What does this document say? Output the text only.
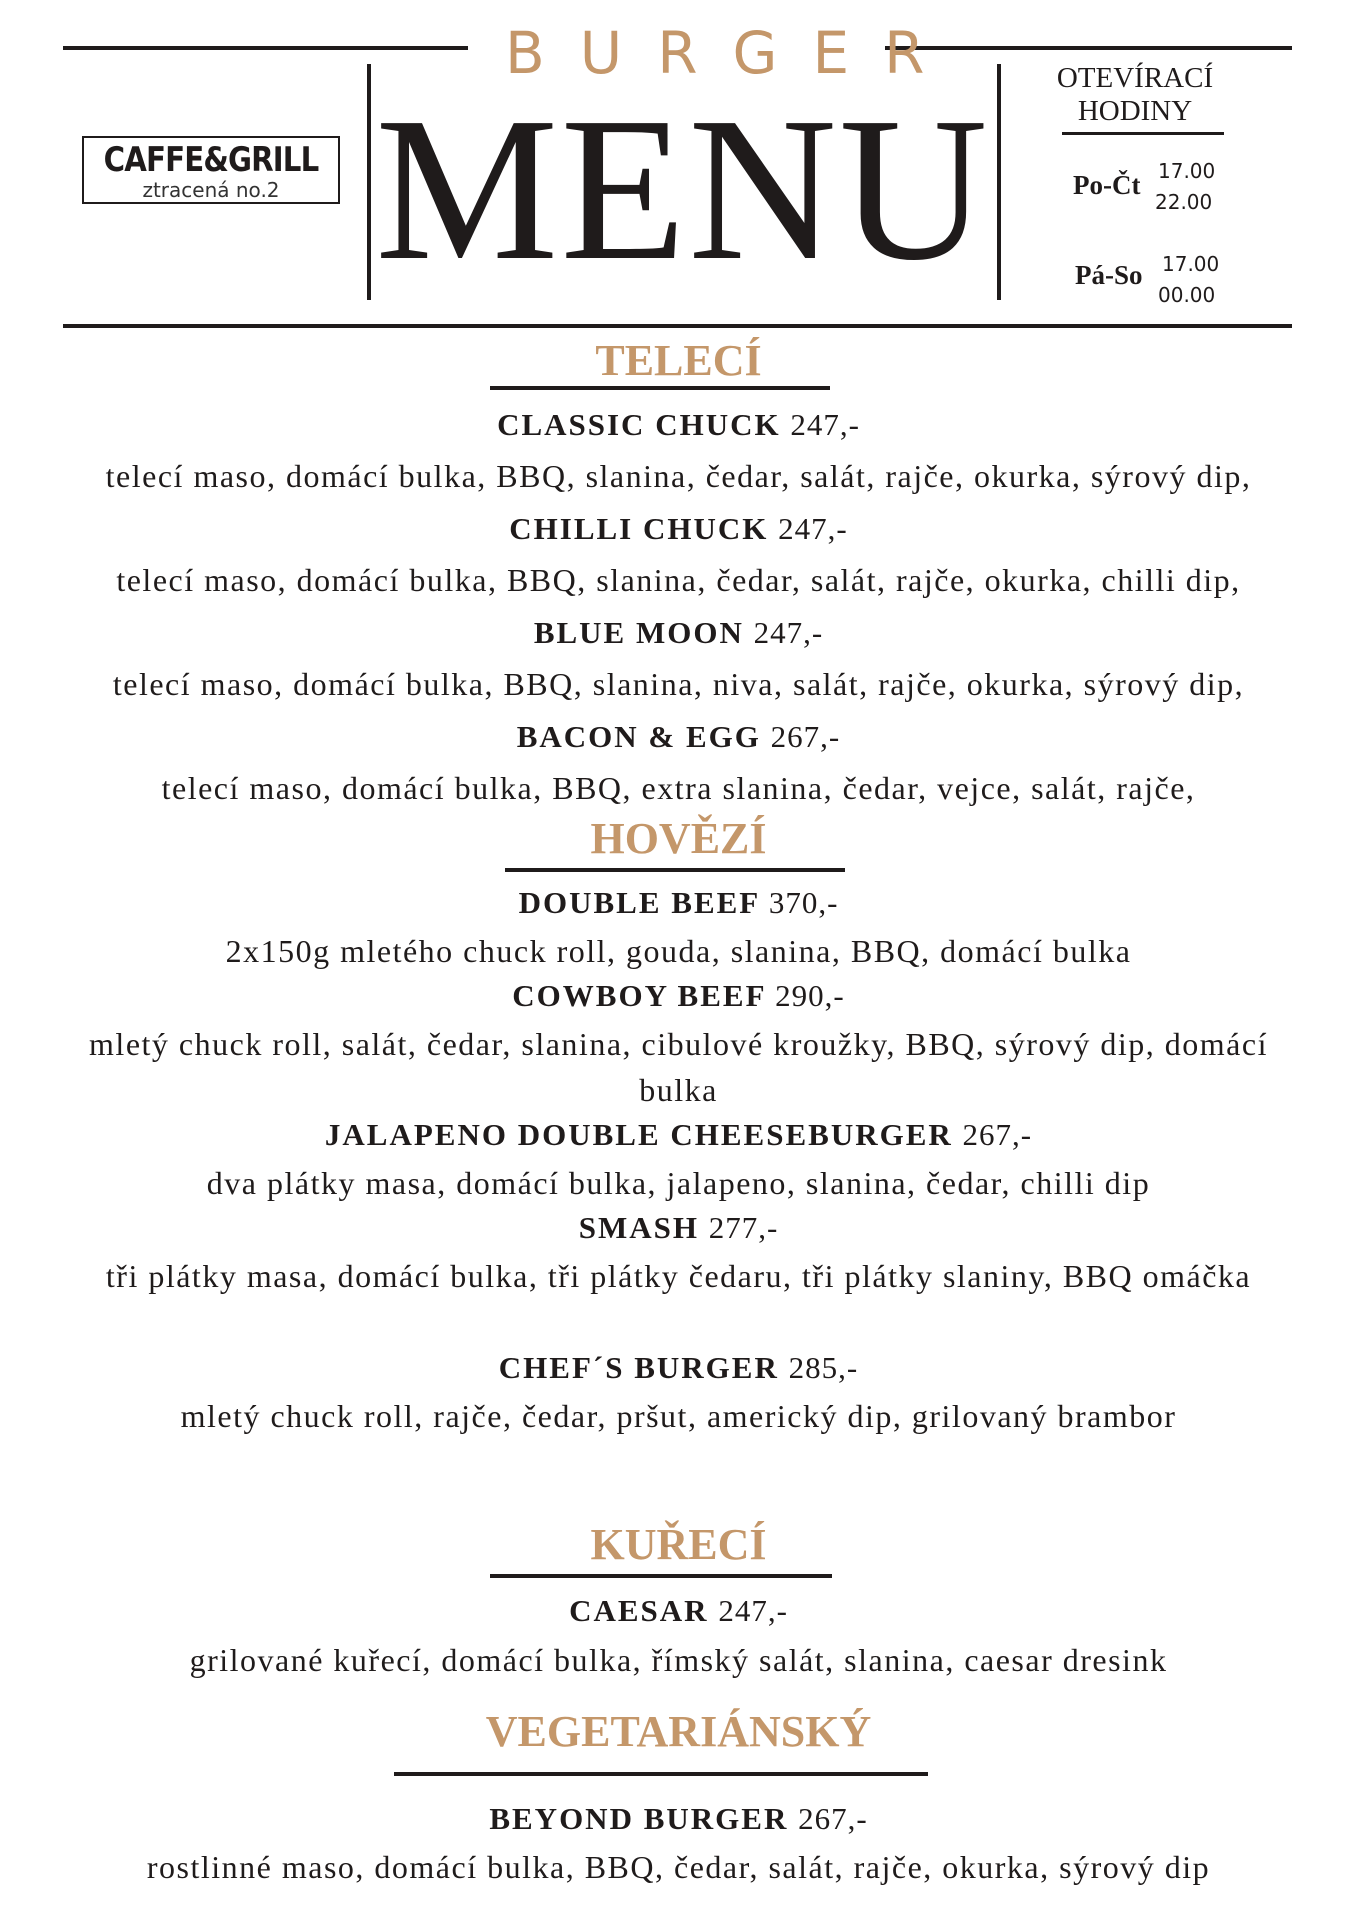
BURGER
MENU
CAFFE&GRILL
ztracená no.2
OTEVÍRACÍ
HODINY
Po-Čt 17.00
22.00
Pá-So 17.00
00.00
TELECÍ
CLASSIC CHUCK 247,-
telecí maso, domácí bulka, BBQ, slanina, čedar, salát, rajče, okurka, sýrový dip,
CHILLI CHUCK 247,-
telecí maso, domácí bulka, BBQ, slanina, čedar, salát, rajče, okurka, chilli dip,
BLUE MOON 247,-
telecí maso, domácí bulka, BBQ, slanina, niva, salát, rajče, okurka, sýrový dip,
BACON & EGG 267,-
telecí maso, domácí bulka, BBQ, extra slanina, čedar, vejce, salát, rajče,
HOVĚZÍ
DOUBLE BEEF 370,-
2x150g mletého chuck roll, gouda, slanina, BBQ, domácí bulka
COWBOY BEEF 290,-
mletý chuck roll, salát, čedar, slanina, cibulové kroužky, BBQ, sýrový dip, domácí bulka
JALAPENO DOUBLE CHEESEBURGER 267,-
dva plátky masa, domácí bulka, jalapeno, slanina, čedar, chilli dip
SMASH 277,-
tři plátky masa, domácí bulka, tři plátky čedaru, tři plátky slaniny, BBQ omáčka
CHEF´S BURGER 285,-
mletý chuck roll, rajče, čedar, pršut, americký dip, grilovaný brambor
KUŘECÍ
CAESAR 247,-
grilované kuřecí, domácí bulka, římský salát, slanina, caesar dresink
VEGETARIÁNSKÝ
BEYOND BURGER 267,-
rostlinné maso, domácí bulka, BBQ, čedar, salát, rajče, okurka, sýrový dip
